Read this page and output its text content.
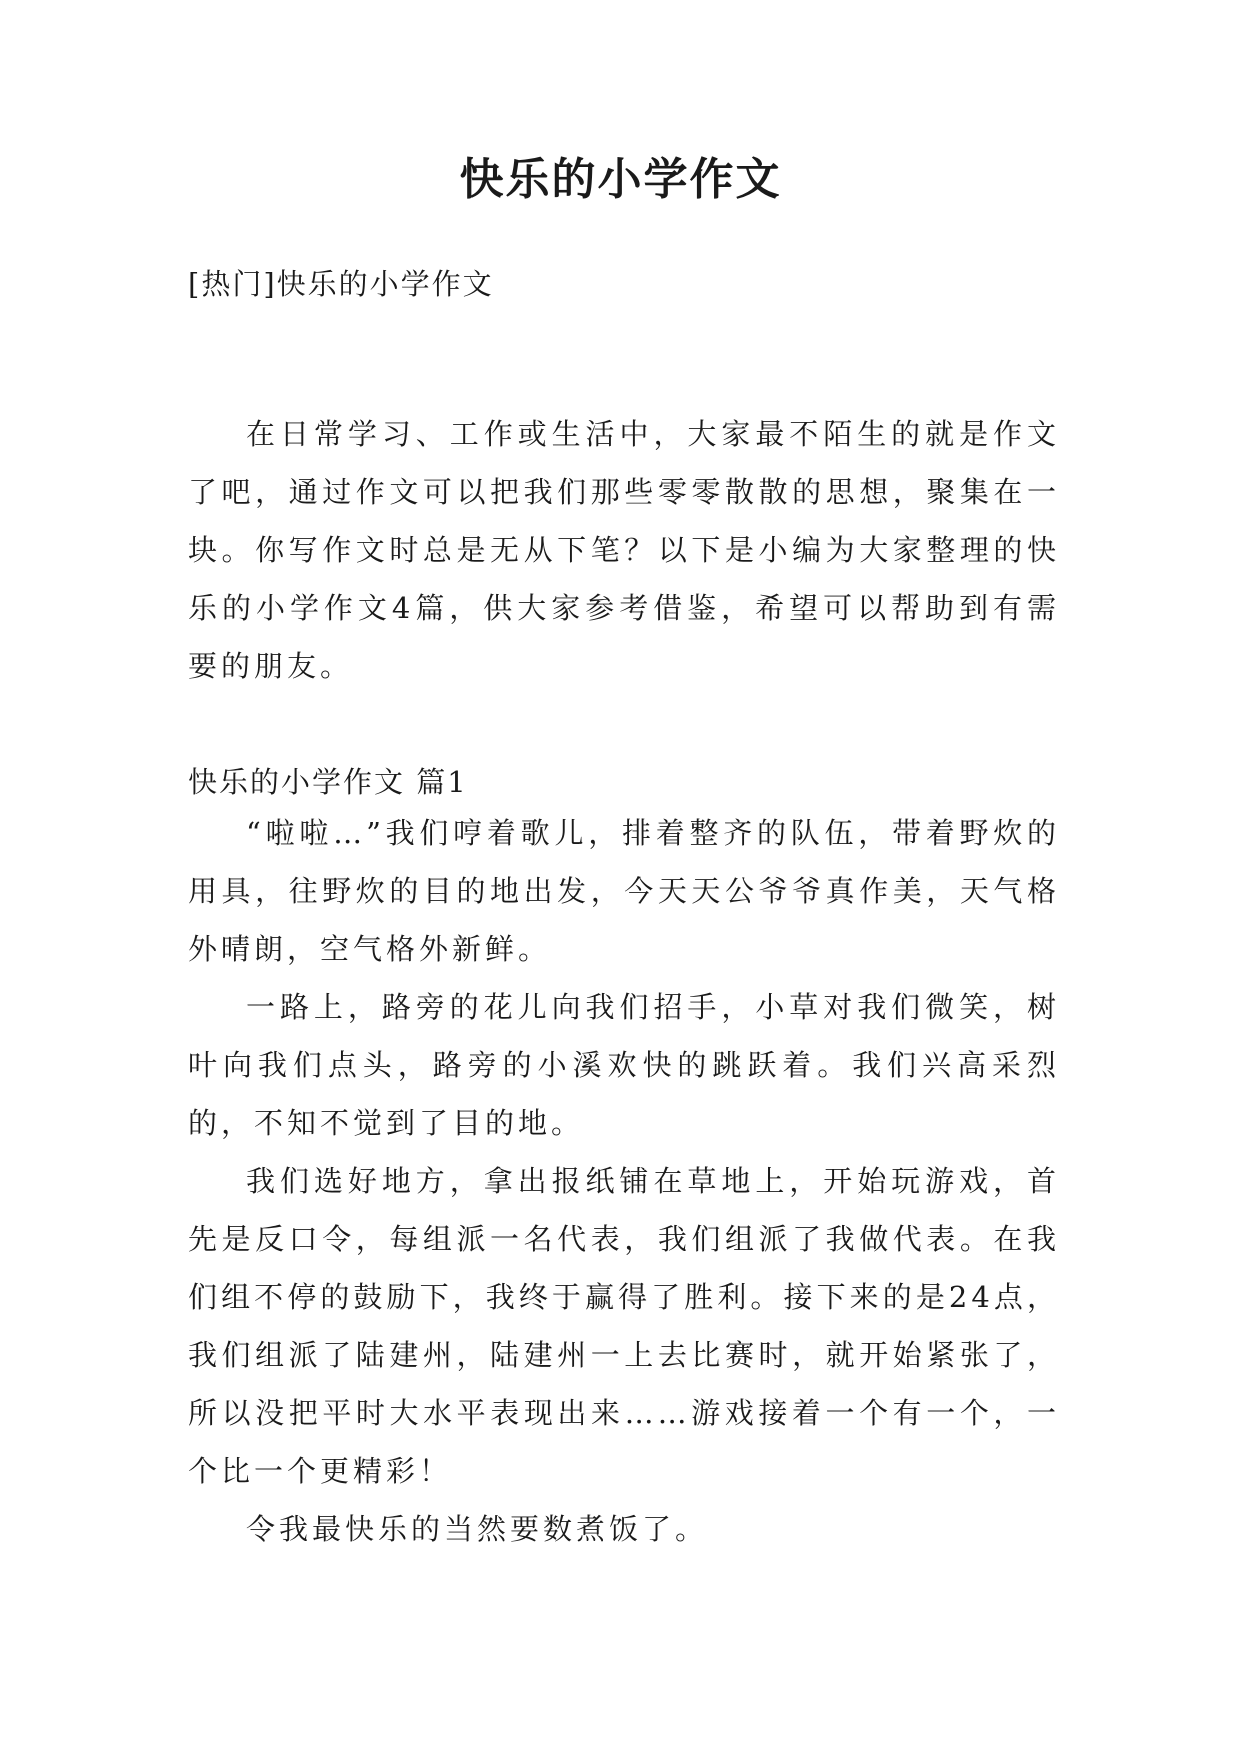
快乐的小学作文
[热门]快乐的小学作文

在日常学习、工作或生活中，大家最不陌生的就是作文了吧，通过作文可以把我们那些零零散散的思想，聚集在一块。你写作文时总是无从下笔？以下是小编为大家整理的快乐的小学作文4篇，供大家参考借鉴，希望可以帮助到有需要的朋友。

快乐的小学作文 篇1

“啦啦…”我们哼着歌儿，排着整齐的队伍，带着野炊的用具，往野炊的目的地出发，今天天公爷爷真作美，天气格外晴朗，空气格外新鲜。

一路上，路旁的花儿向我们招手，小草对我们微笑，树叶向我们点头，路旁的小溪欢快的跳跃着。我们兴高采烈的，不知不觉到了目的地。

我们选好地方，拿出报纸铺在草地上，开始玩游戏，首先是反口令，每组派一名代表，我们组派了我做代表。在我们组不停的鼓励下，我终于赢得了胜利。接下来的是24点，我们组派了陆建州，陆建州一上去比赛时，就开始紧张了，所以没把平时大水平表现出来……游戏接着一个有一个，一个比一个更精彩！

令我最快乐的当然要数煮饭了。
